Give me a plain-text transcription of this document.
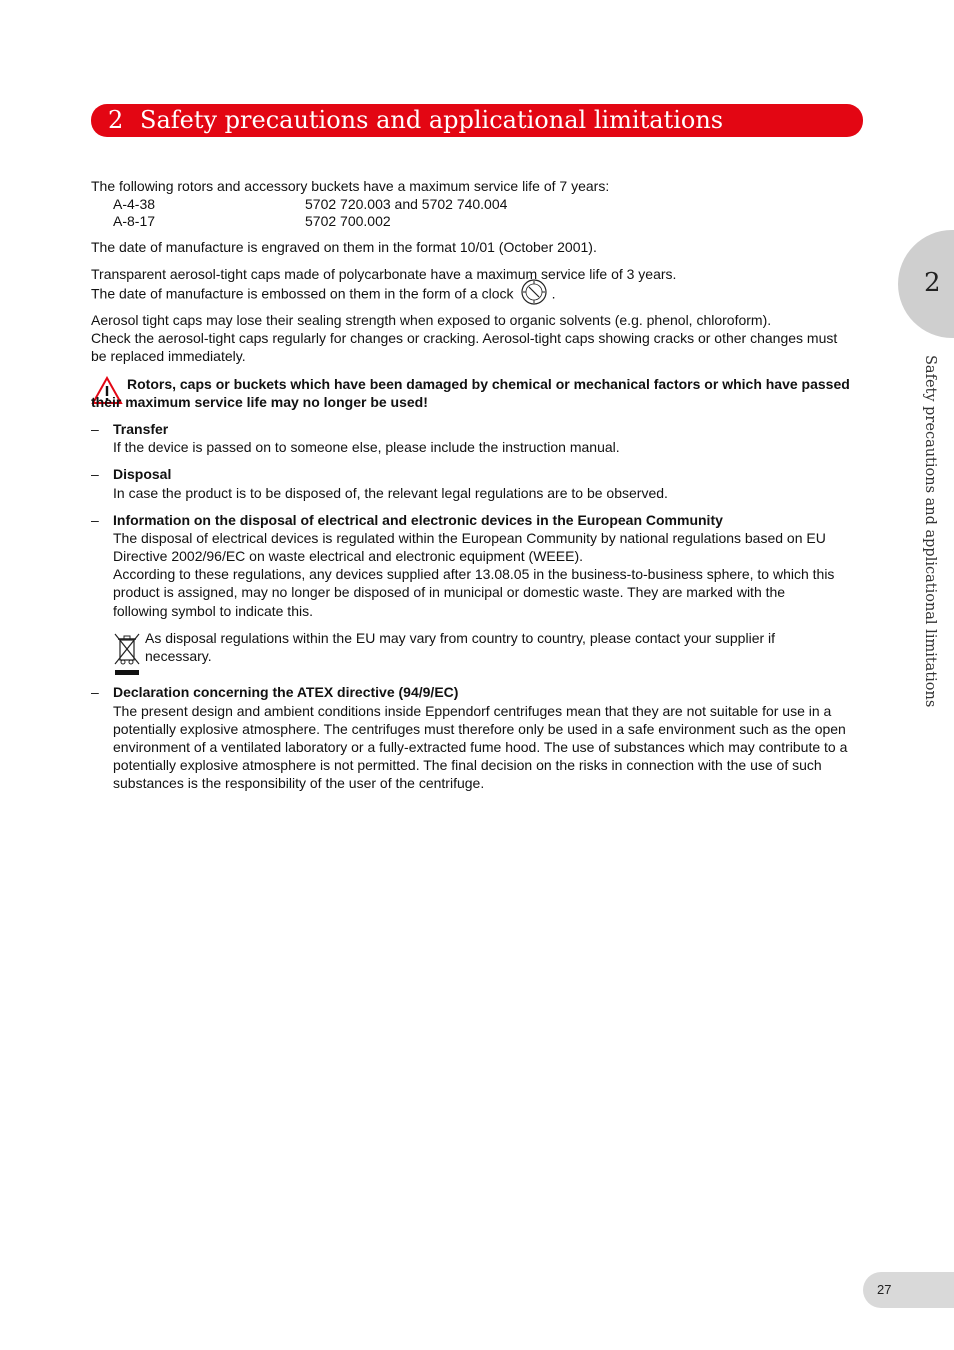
2 Safety precautions and applicational limitations
2
Safety precautions and applicational limitations

The following rotors and accessory buckets have a maximum service life of 7 years:

A-4-38	5702 720.003 and 5702 740.004
A-8-17	5702 700.002

The date of manufacture is engraved on them in the format 10/01 (October 2001).

Transparent aerosol-tight caps made of polycarbonate have a maximum service life of 3 years.

The date of manufacture is embossed on them in the form of a clock	.

Aerosol tight caps may lose their sealing strength when exposed to organic solvents (e.g. phenol, chloroform).

Check the aerosol-tight caps regularly for changes or cracking. Aerosol-tight caps showing cracks or other changes must

be replaced immediately.

Rotors, caps or buckets which have been damaged by chemical or mechanical factors or which have passed

their maximum service life may no longer be used!

– Transfer

If the device is passed on to someone else, please include the instruction manual.

– Disposal

In case the product is to be disposed of, the relevant legal regulations are to be observed.

– Information on the disposal of electrical and electronic devices in the European Community

The disposal of electrical devices is regulated within the European Community by national regulations based on EU

Directive 2002/96/EC on waste electrical and electronic equipment (WEEE).

According to these regulations, any devices supplied after 13.08.05 in the business-to-business sphere, to which this

product is assigned, may no longer be disposed of in municipal or domestic waste. They are marked with the

following symbol to indicate this.

As disposal regulations within the EU may vary from country to country, please contact your supplier if

necessary.

– Declaration concerning the ATEX directive (94/9/EC)

The present design and ambient conditions inside Eppendorf centrifuges mean that they are not suitable for use in a

potentially explosive atmosphere. The centrifuges must therefore only be used in a safe environment such as the open

environment of a ventilated laboratory or a fully-extracted fume hood. The use of substances which may contribute to a

potentially explosive atmosphere is not permitted. The final decision on the risks in connection with the use of such

substances is the responsibility of the user of the centrifuge.

27
